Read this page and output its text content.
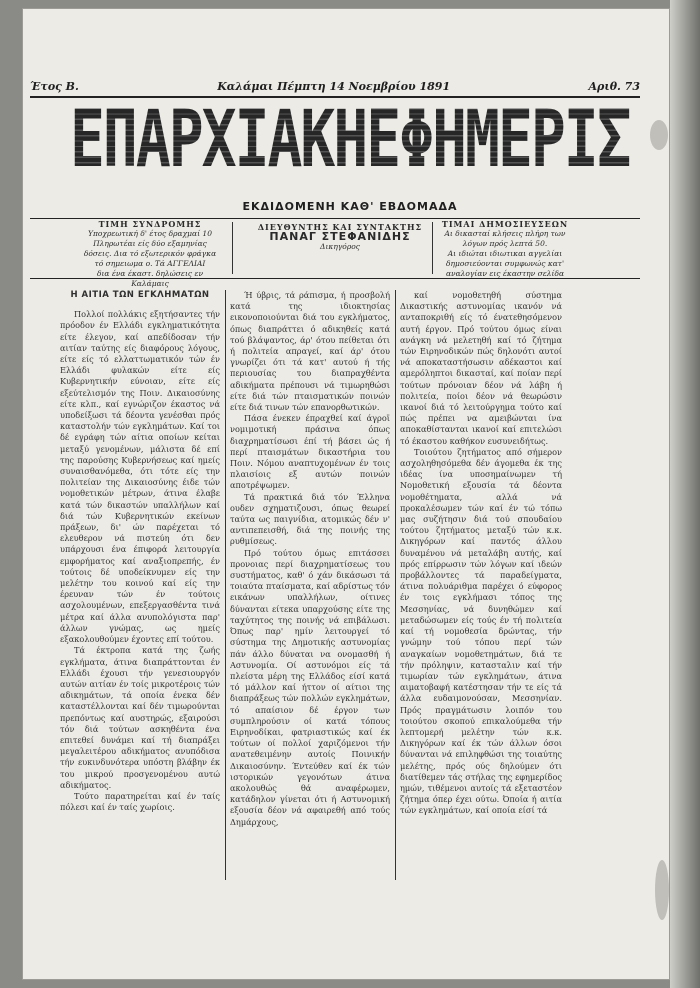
Έτος Β.	Καλάμαι Πέμπτη 14 Νοεμβρίου 1891	Αριθ. 73
ΕΠΑΡΧΙΑΚΗ ΕΦΗΜΕΡΙΣ
ΕΚΔΙΔΟΜΕΝΗ ΚΑΘ' ΕΒΔΟΜΑΔΑ
ΤΙΜΗ ΣΥΝΔΡΟΜΗΣ
Υποχρεωτική δ' έτος δραχμαί 10
Πληρωτέαι είς δύο εξαμηνίας
δόσεις. Δια τό εξωτερικόν φράγκα
τό σημειωμα ο. Τά ΑΓΓΕΛΙΑΙ
δια ένα έκαστ. δηλώσεις εν Καλάμαις
ΔΙΕΥΘΥΝΤΗΣ ΚΑΙ ΣΥΝΤΑΚΤΗΣ
ΠΑΝΑΓ ΣΤΕΦΑΝΙΔΗΣ
Δικηγόρος
ΤΙΜΑΙ ΔΗΜΟΣΙΕΥΣΕΩΝ
Αι δικασταί κλήσεις πλήρη των
λόγων πρός λεπτά 50.
Αι ιδιώται ιδιωτικαι αγγελίαι
δημοσιεύονται συμφωνώς κατ'
αναλογίαν εις έκαστην σελίδα
Η ΑΙΤΙΑ ΤΩΝ ΕΓΚΛΗΜΑΤΩΝ

Πολλοί πολλάκις εξητήσαντες τήν πρόοδον έν Ελλάδι εγκληματικότητα είτε έλεγον, καί απεδίδοσαν τήν αιτίαν ταύτης είς διαφόρους λόγους, είτε είς τό ελλαττωματικόν τών έν Ελλάδι φυλακών είτε είς Κυβερνητικήν εύνοιαν, είτε είς εξεύτελισμόν της Ποιν. Δικαιοσύνης είτε κλπ., καί εγνώριζον έκαστος νά υποδείξωσι τά δέοντα γενέσθαι πρός καταστολήν τών εγκλημάτων. Καί τοι δέ εγράφη τών αίτια οποίων κείται μεταξύ γενομένων, μάλιστα δέ επί της παρούσης Κυβερνήσεως καί ημείς συναισθανόμεθα, ότι τότε είς την πολιτείαν της Δικαιοσύνης έιδε τών νομοθετικών μέτρων, άτινα έλαβε κατά τών δικαστών υπαλλήλων καί διά τών Κυβερνητικών εκείνων πράξεων, δι' ών παρέχεται τό ελευθερον νά πιστεύη ότι δεν υπάρχουσι ένα έπιφορά λειτουργία εμφορήματος καί αναξιοπρεπής, έν τούτοις δέ υποδείκνυμεν είς την μελέτην του κοινού καί είς την έρευναν τών έν τούτοις ασχολουμένων, επεξεργασθέντα τινά μέτρα καί άλλα ανυπολόγιστα παρ' άλλων γνώμας, ως ημείς εξακολουθούμεν έχοντες επί τούτου.

Τά έκτροπα κατά της ζωής εγκλήματα, άτινα διαπράττονται έν Ελλάδι έχουσι τήν γενεσιουργόν αυτών αιτίαν έν τοίς μικροτέροις τών αδικημάτων, τά οποία ένεκα δέν καταστέλλονται καί δέν τιμωρούνται πρεπόντως καί αυστηρώς, εξαιρούσι τόν διά τούτων ασκηθέντα ένα επιτεθεί δυνάμει καί τή διαπράξει μεγαλειτέρου αδικήματος ανυπόδισα τήν ευκινδυνότερα υπόστη βλάβην έκ του μικρού προσγενομένου αυτώ αδικήματος.

Τούτο παρατηρείται καί έν ταίς πόλεσι καί έν ταίς χωρίοις.

Ή ύβρις, τά ράπισμα, ή προσβολή κατά της ιδιοκτησίας εικονοποιούνται διά του εγκλήματος, όπως διαπράττει ό αδικηθείς κατά τού βλάψαντος, άρ' ότου πείθεται ότι ή πολιτεία απραγεί, καί άρ' ότου γνωρίζει ότι τά κατ' αυτού ή τής περιουσίας του διαπραχθέντα αδικήματα πρέπουσι νά τιμωρηθώσι είτε διά τών πταισματικών ποινών είτε διά τινων τών επανορθωτικών.

Πάσα ένεκεν έπραχθεί καί άγροϊ νομιμοτική πράσινα όπως διαχρηματίσωσι έπί τή βάσει ώς ή περί πταισμάτων δικαστήρια του Ποιν. Νόμου αναπτυχομένων έν τοις πλαισίοις εξ αυτών ποινών αποτρέψωμεν.

Τά πρακτικά διά τόν Έλληνα ουδεν σχηματιζουσι, όπως θεωρεί ταύτα ως παιγνίδια, ατομικώς δέν ν' αντιπεπεισθή, διά της ποινής της ρυθμίσεως.

Πρό τούτου όμως επιτάσσει προνοιας περί διαχρηματίσεως του συστήματος, καθ' ό χάν δικάσωσι τά τοιαύτα πταίσματα, καί αδρίστως τόν εικάνων υπαλλήλων, οίτινες δύνανται είτεκα υπαρχούσης είτε της ταχύτητος της ποινής νά επιβάλωσι. Όπως παρ' ημίν λειτουργεί τό σύστημα της Δημοτικής αστυνομίας πάν άλλο δύναται να ονομασθή ή Αστυνομία. Οί αστυνόμοι είς τά πλείστα μέρη της Ελλάδος είσί κατά τό μάλλον καί ήττον οί αίτιοι της διαπράξεως τών πολλών εγκλημάτων, τό απαίσιον δέ έργον των συμπληρούσιν οί κατά τόπους Ειρηνοδίκαι, φατριαστικώς καί έκ τούτων οί πολλοί χαριζόμενοι τήν ανατεθειμένην αυτοίς Ποινικήν Δικαιοσύνην. Έντεύθεν καί έκ τών ιστορικών γεγονότων άτινα ακολουθώς θά αναφέρωμεν, κατάδηλον γίνεται ότι ή Αστυνομική εξουσία δέον νά αφαιρεθή από τούς Δημάρχους,

καί νομοθετηθή σύστημα Δικαστικής αστυνομίας ικανόν νά ανταποκριθή είς τό ένατεθησόμενον αυτή έργον. Πρό τούτου όμως είναι ανάγκη νά μελετηθή καί τό ζήτημα τών Ειρηνοδικών πώς δηλονότι αυτοί νά αποκαταστήσωσιν αδέκαστοι καί αμερόληπτοι δικασταί, καί ποίαν περί τούτων πρόνοιαν δέον νά λάβη ή πολιτεία, ποίοι δέον νά θεωρώσιν ικανοί διά τό λειτούργημα τούτο καί πώς πρέπει να αμειβώνται ίνα αποκαθίστανται ικανοί καί επιτελώσι τό έκαστου καθήκον ευσυνειδήτως.

Τοιούτου ζητήματος από σήμερον ασχοληθησόμεθα δέν άγομεθα έκ της ιδέας ίνα υποσημαίνωμεν τή Νομοθετική εξουσία τά δέοντα νομοθέτηματα, αλλά νά προκαλέσωμεν τών καί έν τώ τόπω μας συζήτησιν διά τού σπουδαίου τούτου ζητήματος μεταξύ τών κ.κ. Δικηγόρων καί παντός άλλου δυναμένου νά μεταλάβη αυτής, καί πρός επίρρωσιν τών λόγων καί ιδεών προβάλλοντες τά παραδείγματα, άτινα πολυάριθμα παρέχει ό εύφορος έν τοις εγκλήμασι τόπος της Μεσσηνίας, νά δυνηθώμεν καί μεταδώσωμεν είς τούς έν τή πολιτεία καί τή νομοθεσία δρώντας, τήν γνώμην τού τόπου περί τών αναγκαίων νομοθετημάτων, διά τε τήν πρόληψιν, κατασταλιν καί τήν τιμωρίαν τών εγκλημάτων, άτινα αιματοβαφή κατέστησαν τήν τε είς τά άλλα ευδαιμονούσαν, Μεσσηνίαν. Πρός πραγμάτωσιν λοιπόν του τοιούτου σκοπού επικαλούμεθα τήν λεπτομερή μελέτην τών κ.κ. Δικηγόρων καί έκ τών άλλων όσοι δύνανται νά επιληφθώσι της τοιαύτης μελέτης, πρός ούς δηλούμεν ότι διατίθεμεν τάς στήλας της εφημερίδος ημών, τιθέμενοι αυτοίς τά εξεταστέον ζήτημα όπερ έχει ούτω. Όποία ή αιτία τών εγκλημάτων, καί οποία είσί τά
